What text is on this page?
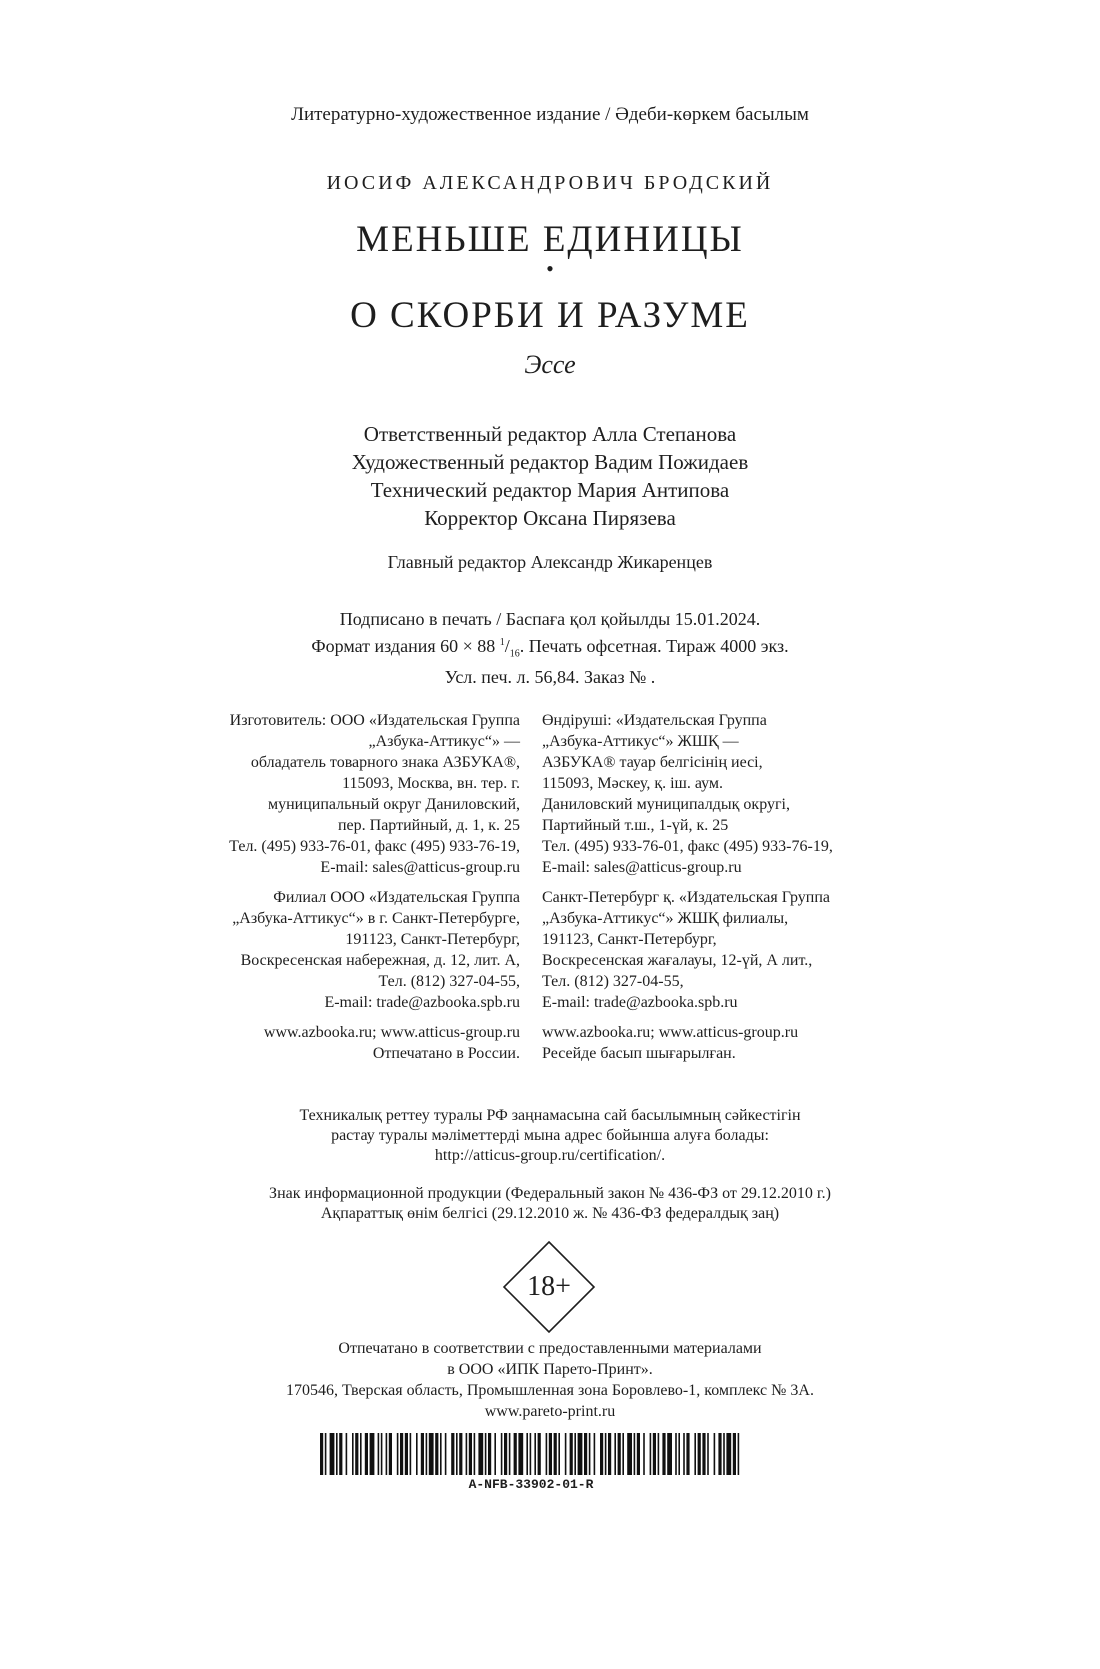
Литературно-художественное издание / Әдеби-көркем басылым
ИОСИФ АЛЕКСАНДРОВИЧ БРОДСКИЙ
МЕНЬШЕ ЕДИНИЦЫ
•
О СКОРБИ И РАЗУМЕ
Эссе
Ответственный редактор Алла Степанова
Художественный редактор Вадим Пожидаев
Технический редактор Мария Антипова
Корректор Оксана Пирязева
Главный редактор Александр Жикаренцев
Подписано в печать / Баспаға қол қойылды 15.01.2024.
Формат издания 60 × 88 $^1/_{16}$. Печать офсетная. Тираж 4000 экз.
Усл. печ. л. 56,84. Заказ № .
Изготовитель: ООО «Издательская Группа
„Азбука-Аттикус“» —
обладатель товарного знака АЗБУКА®,
115093, Москва, вн. тер. г.
муниципальный округ Даниловский,
пер. Партийный, д. 1, к. 25
Тел. (495) 933-76-01, факс (495) 933-76-19,
E-mail: sales@atticus-group.ru
Филиал ООО «Издательская Группа
„Азбука-Аттикус“» в г. Санкт-Петербурге,
191123, Санкт-Петербург,
Воскресенская набережная, д. 12, лит. А,
Тел. (812) 327-04-55,
E-mail: trade@azbooka.spb.ru
www.azbooka.ru; www.atticus-group.ru
Отпечатано в России.
Өндіруші: «Издательская Группа
„Азбука-Аттикус“» ЖШҚ —
АЗБУКА® тауар белгісінің иесі,
115093, Мәскеу, қ. іш. аум.
Даниловский муниципалдық округі,
Партийный т.ш., 1-үй, к. 25
Тел. (495) 933-76-01, факс (495) 933-76-19,
E-mail: sales@atticus-group.ru
Санкт-Петербург қ. «Издательская Группа
„Азбука-Аттикус“» ЖШҚ филиалы,
191123, Санкт-Петербург,
Воскресенская жағалауы, 12-үй, А лит.,
Тел. (812) 327-04-55,
E-mail: trade@azbooka.spb.ru
www.azbooka.ru; www.atticus-group.ru
Ресейде басып шығарылған.
Техникалық реттеу туралы РФ заңнамасына сай басылымның сәйкестігін
растау туралы мәліметтерді мына адрес бойынша алуға болады:
http://atticus-group.ru/certification/.
Знак информационной продукции (Федеральный закон № 436-ФЗ от 29.12.2010 г.)
Ақпараттық өнім белгісі (29.12.2010 ж. № 436-ФЗ федералдық заң)
18+
Отпечатано в соответствии с предоставленными материалами
в ООО «ИПК Парето-Принт».
170546, Тверская область, Промышленная зона Боровлево-1, комплекс № 3А.
www.pareto-print.ru
A-NFB-33902-01-R
